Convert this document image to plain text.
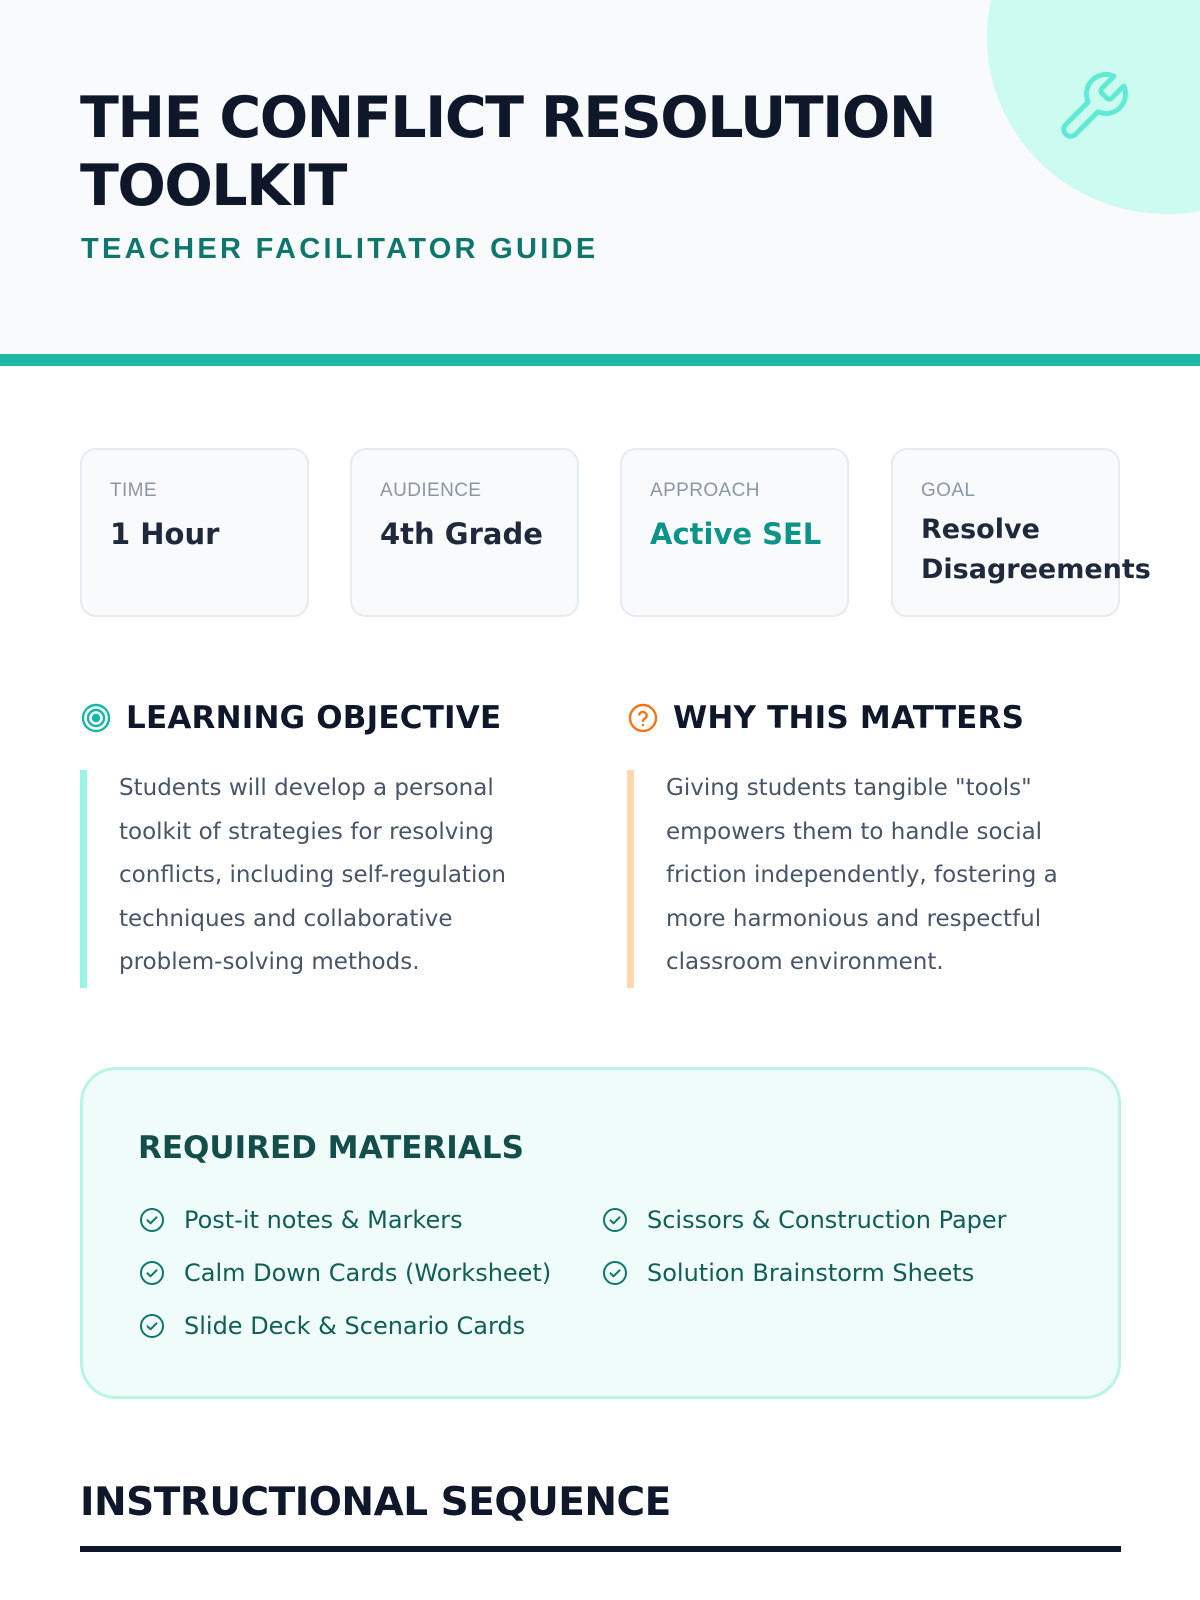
THE CONFLICT RESOLUTION TOOLKIT
TEACHER FACILITATOR GUIDE
TIME
1 Hour
AUDIENCE
4th Grade
APPROACH
Active SEL
GOAL
Resolve Disagreements
LEARNING OBJECTIVE

Students will develop a personal toolkit of strategies for resolving conflicts, including self-regulation techniques and collaborative problem-solving methods.

WHY THIS MATTERS

Giving students tangible "tools" empowers them to handle social friction independently, fostering a more harmonious and respectful classroom environment.

REQUIRED MATERIALS
Post-it notes & Markers	Scissors & Construction Paper
Calm Down Cards (Worksheet)	Solution Brainstorm Sheets
Slide Deck & Scenario Cards
INSTRUCTIONAL SEQUENCE
